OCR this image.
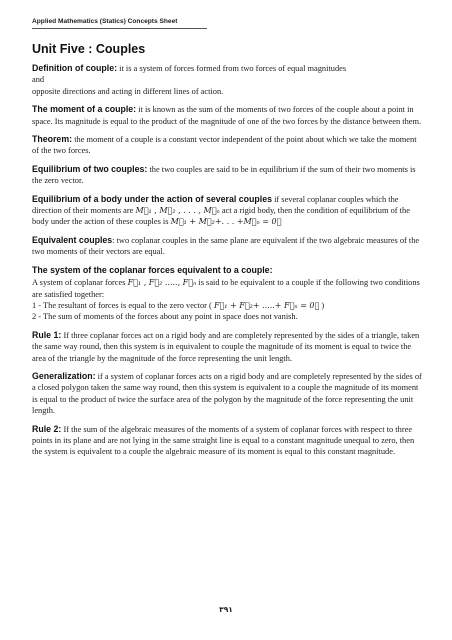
Applied Mathematics (Statics) Concepts Sheet
Unit Five : Couples

Definition of couple: it is a system of forces formed from two forces of equal magnitudes
and
opposite directions and acting in different lines of action.

The moment of a couple: it is known as the sum of the moments of two forces of the couple about a point in space. Its magnitude is equal to the product of the magnitude of one of the two forces by the distance between them.

Theorem: the moment of a couple is a constant vector independent of the point about which we take the moment of the two forces.

Equilibrium of two couples: the two couples are said to be in equilibrium if the sum of their two moments is the zero vector.

Equilibrium of a body under the action of several couples if several coplanar couples which the direction of their moments are M⃗₁ , M⃗₂ , . . . , M⃗ₙ act a rigid body, then the condition of equilibrium of the body under the action of these couples is M⃗₁ + M⃗₂+. . . +M⃗ₙ = 0⃗

Equivalent couples: two coplanar couples in the same plane are equivalent if the two algebraic measures of the two moments of their vectors are equal.

The system of the coplanar forces equivalent to a couple:

A system of coplanar forces F⃗₁ , F⃗₂ ....., F⃗ₙ is said to be equivalent to a couple if the following two conditions are satisfied together:
1 - The resultant of forces is equal to the zero vector ( F⃗₁ + F⃗₂+ .....+ F⃗ₙ = 0⃗ )
2 - The sum of moments of the forces about any point in space does not vanish.

Rule 1: If three coplanar forces act on a rigid body and are completely represented by the sides of a triangle, taken the same way round, then this system is in equivalent to couple the magnitude of its moment is equal to twice the area of the triangle by the magnitude of the force representing the unit length.

Generalization: if a system of coplanar forces acts on a rigid body and are completely represented by the sides of a closed polygon taken the same way round, then this system is equivalent to a couple the magnitude of its moment is equal to the product of twice the surface area of the polygon by the magnitude of the force representing the unit length.

Rule 2: If the sum of the algebraic measures of the moments of a system of coplanar forces with respect to three points in its plane and are not lying in the same straight line is equal to a constant magnitude unequal to zero, then the system is equivalent to a couple the algebraic measure of its moment is equal to this constant magnitude.

٣٩١
